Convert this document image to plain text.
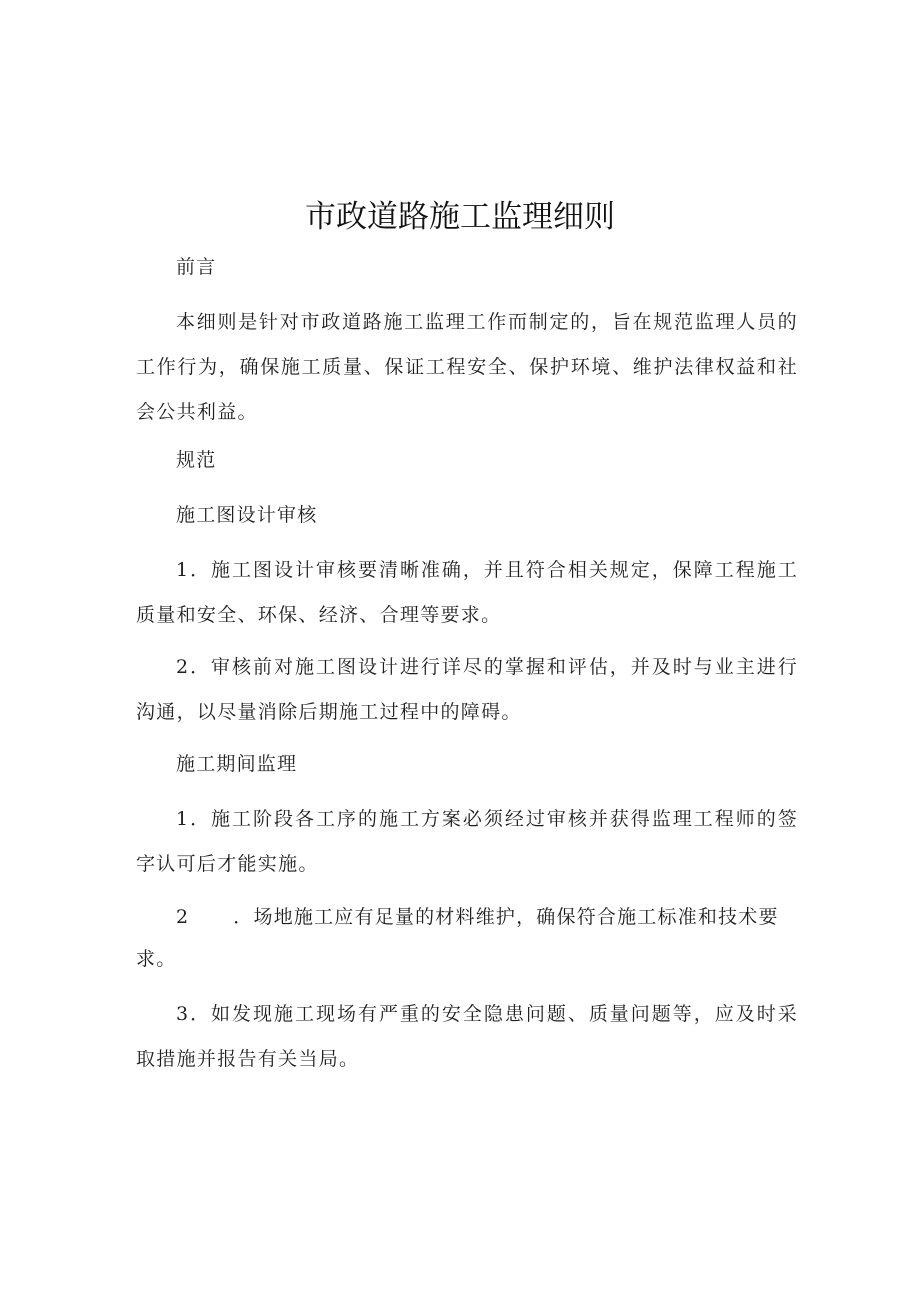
市政道路施工监理细则
前言
本细则是针对市政道路施工监理工作而制定的，旨在规范监理人员的工作行为，确保施工质量、保证工程安全、保护环境、维护法律权益和社会公共利益。
规范
施工图设计审核
1．施工图设计审核要清晰准确，并且符合相关规定，保障工程施工质量和安全、环保、经济、合理等要求。
2．审核前对施工图设计进行详尽的掌握和评估，并及时与业主进行沟通，以尽量消除后期施工过程中的障碍。
施工期间监理
1．施工阶段各工序的施工方案必须经过审核并获得监理工程师的签字认可后才能实施。
2 ．场地施工应有足量的材料维护，确保符合施工标准和技术要
求。
3．如发现施工现场有严重的安全隐患问题、质量问题等，应及时采取措施并报告有关当局。
